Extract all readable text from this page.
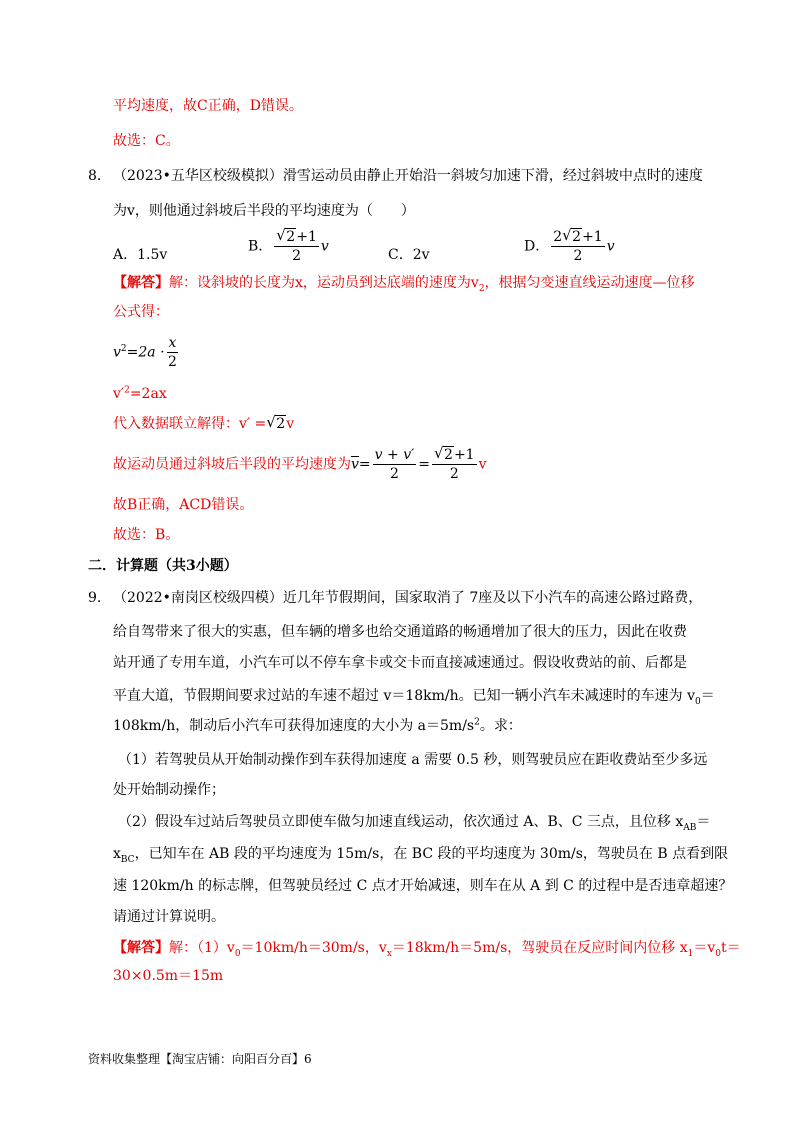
平均速度，故C正确，D错误。
故选：C。
8. （2023•五华区校级模拟）滑雪运动员由静止开始沿一斜坡匀加速下滑，经过斜坡中点时的速度
为v，则他通过斜坡后半段的平均速度为（　　）
A．1.5v
B． $\frac{√ 2+1}{2}$ v
C．2v
D． $\frac{2 √ 2+1}{2}$ v
【解答】解：设斜坡的长度为x，运动员到达底端的速度为$v_2$，根据匀变速直线运动速度—位移
公式得：
$v^2=2a \cdot \frac{x}{2}$
$v'^2=2ax$
代入数据联立解得：v′ = √ 2v
故运动员通过斜坡后半段的平均速度为$\overline{v}= \frac{v + v'}{2} = \frac{√ 2+1}{2}$ v
故B正确，ACD错误。
故选：B。
二．计算题（共3小题）
9. （2022•南岗区校级四模）近几年节假期间，国家取消了 7座及以下小汽车的高速公路过路费，
给自驾带来了很大的实惠，但车辆的增多也给交通道路的畅通增加了很大的压力，因此在收费
站开通了专用车道，小汽车可以不停车拿卡或交卡而直接减速通过。假设收费站的前、后都是
平直大道，节假期间要求过站的车速不超过 v＝18km/h。已知一辆小汽车未减速时的车速为 $v_0=$
108km/h，制动后小汽车可获得加速度的大小为 $a=5m/s^2$。求：
（1）若驾驶员从开始制动操作到车获得加速度 a 需要 0.5 秒，则驾驶员应在距收费站至少多远
处开始制动操作；
（2）假设车过站后驾驶员立即使车做匀加速直线运动，依次通过 A、B、C 三点，且位移 $x_{AB}=$
$x_{BC}$，已知车在 AB 段的平均速度为 15m/s，在 BC 段的平均速度为 30m/s，驾驶员在 B 点看到限
速 120km/h 的标志牌，但驾驶员经过 C 点才开始减速，则车在从 A 到 C 的过程中是否违章超速？
请通过计算说明。
【解答】解：$(1)v_0=10km/h=30m/s$，$v_x=18km/h=5m/s$，驾驶员在反应时间内位移 $x_1=v_0t=$
30×0.5m＝15m
资料收集整理【淘宝店铺：向阳百分百】6
